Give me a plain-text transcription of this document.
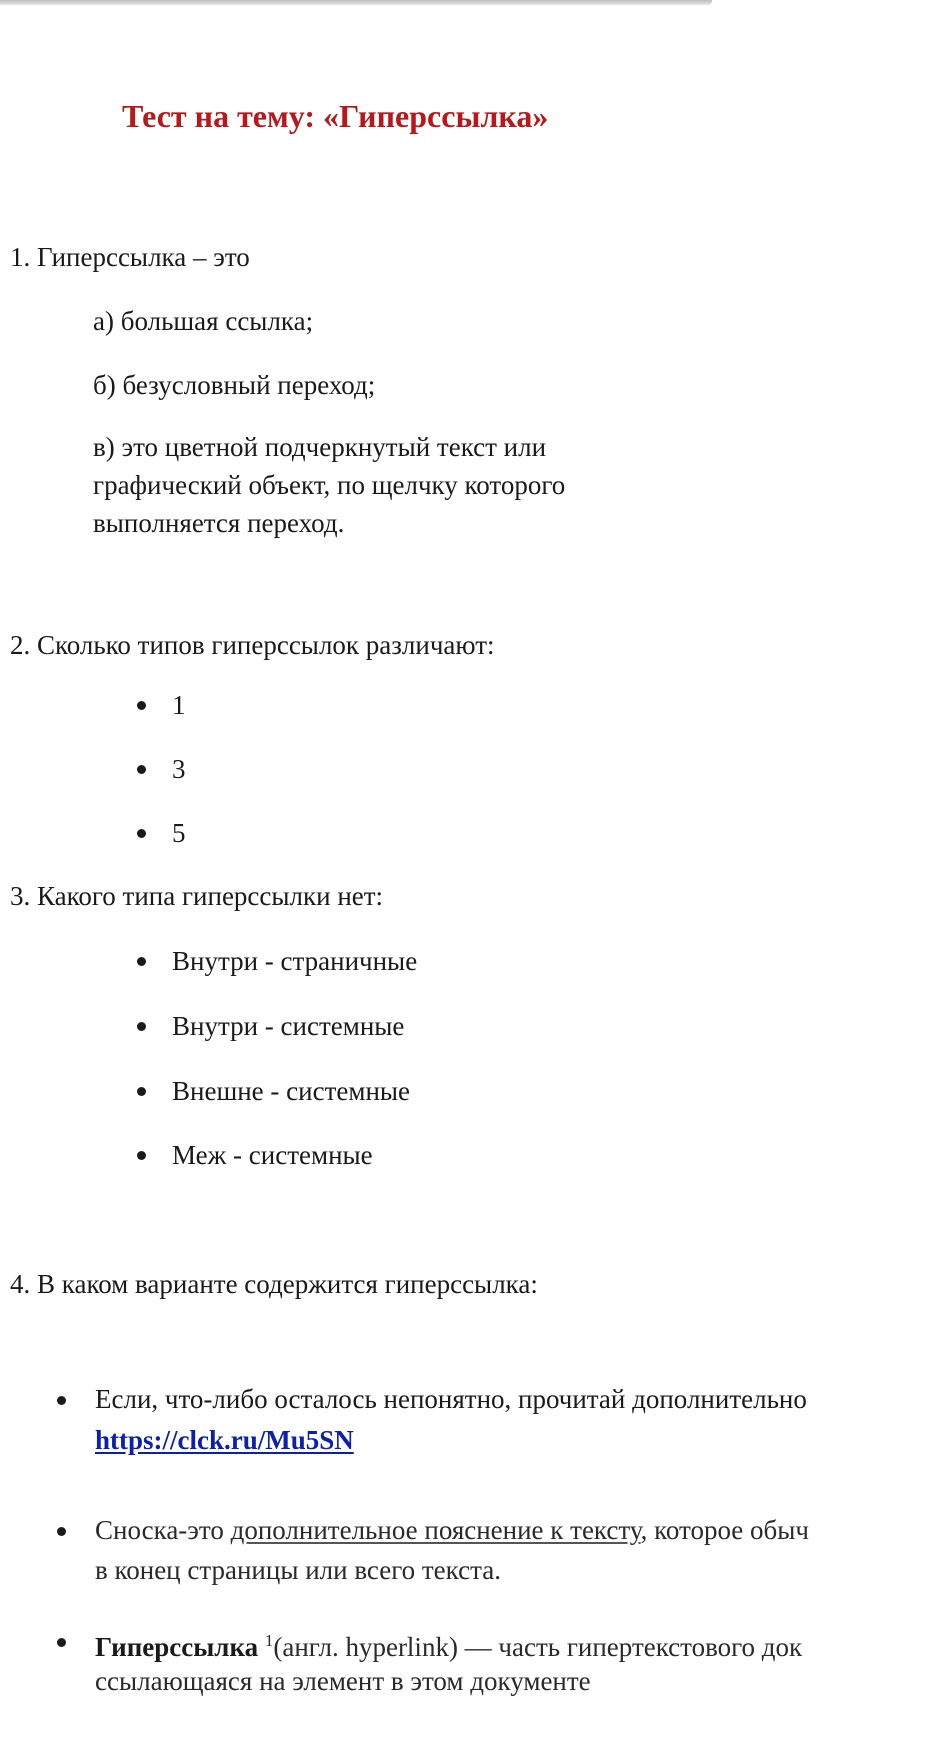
Тест на тему: «Гиперссылка»
1. Гиперссылка – это
а) большая ссылка;
б) безусловный переход;
в) это цветной подчеркнутый текст или
графический объект, по щелчку которого
выполняется переход.
2. Сколько типов гиперссылок различают:
1
3
5
3. Какого типа гиперссылки нет:
Внутри - страничные
Внутри - системные
Внешне - системные
Меж - системные
4. В каком варианте содержится гиперссылка:
Если, что-либо осталось непонятно, прочитай дополнительно
https://clck.ru/Mu5SN
Сноска-это дополнительное пояснение к тексту, которое обыч
в конец страницы или всего текста.
Гиперссылка $^1$(англ. hyperlink) — часть гипертекстового док
ссылающаяся на элемент в этом документе
